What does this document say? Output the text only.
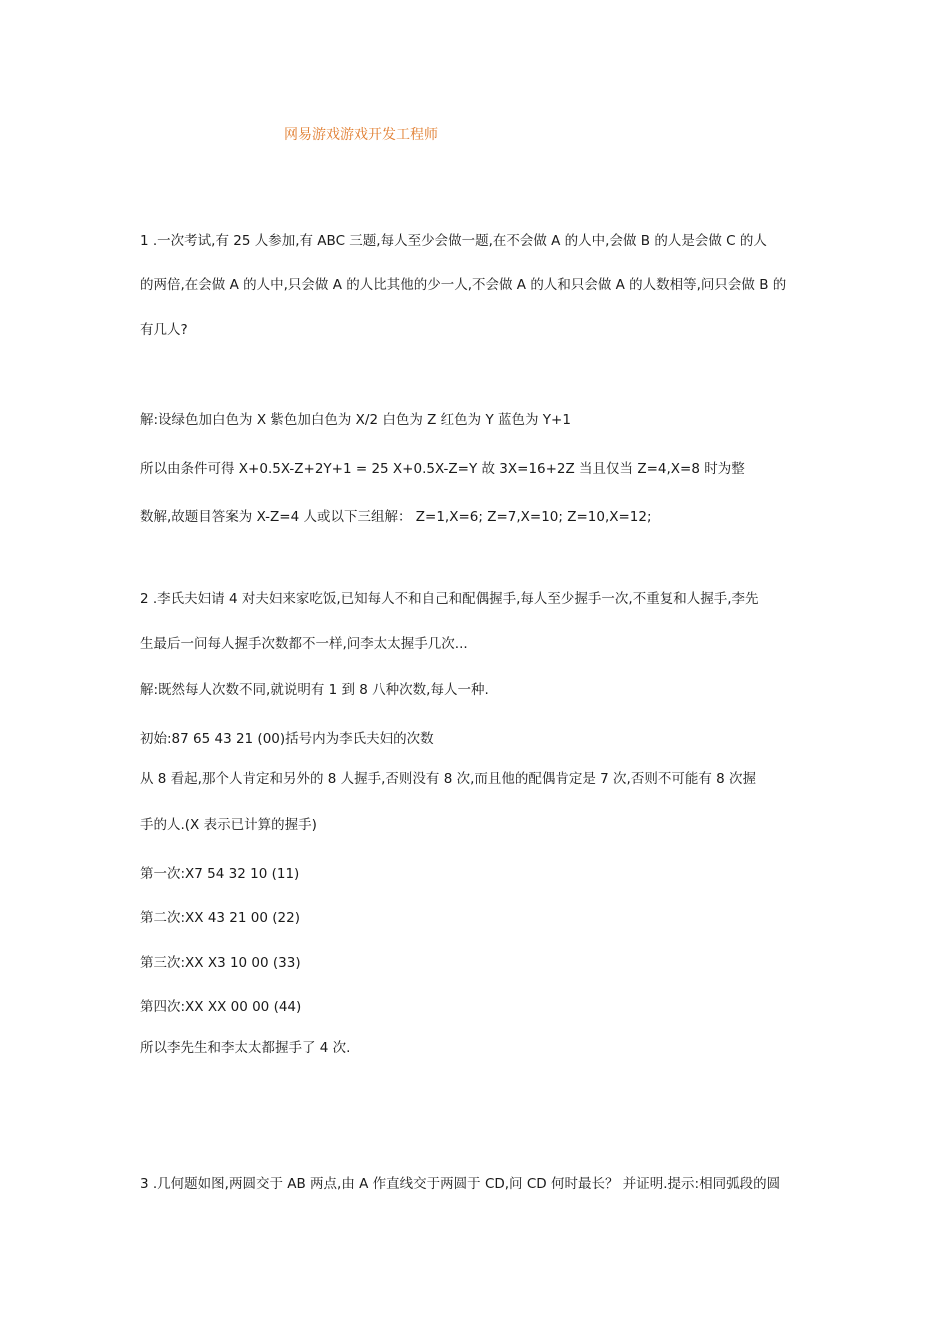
网易游戏游戏开发工程师
1 .一次考试,有 25 人参加,有 ABC 三题,每人至少会做一题,在不会做 A 的人中,会做 B 的人是会做 C 的人
的两倍,在会做 A 的人中,只会做 A 的人比其他的少一人,不会做 A 的人和只会做 A 的人数相等,问只会做 B 的
有几人?
解:设绿色加白色为 X 紫色加白色为 X/2 白色为 Z 红色为 Y 蓝色为 Y+1
所以由条件可得 X+0.5X-Z+2Y+1 = 25 X+0.5X-Z=Y 故 3X=16+2Z 当且仅当 Z=4,X=8 时为整
数解,故题目答案为 X-Z=4 人或以下三组解： Z=1,X=6; Z=7,X=10; Z=10,X=12;
2 .李氏夫妇请 4 对夫妇来家吃饭,已知每人不和自己和配偶握手,每人至少握手一次,不重复和人握手,李先
生最后一问每人握手次数都不一样,问李太太握手几次...
解:既然每人次数不同,就说明有 1 到 8 八种次数,每人一种.
初始:87 65 43 21 (00)括号内为李氏夫妇的次数
从 8 看起,那个人肯定和另外的 8 人握手,否则没有 8 次,而且他的配偶肯定是 7 次,否则不可能有 8 次握
手的人.(X 表示已计算的握手)
第一次:X7 54 32 10 (11)
第二次:XX 43 21 00 (22)
第三次:XX X3 10 00 (33)
第四次:XX XX 00 00 (44)
所以李先生和李太太都握手了 4 次.
3 .几何题如图,两圆交于 AB 两点,由 A 作直线交于两圆于 CD,问 CD 何时最长？ 并证明.提示:相同弧段的圆
